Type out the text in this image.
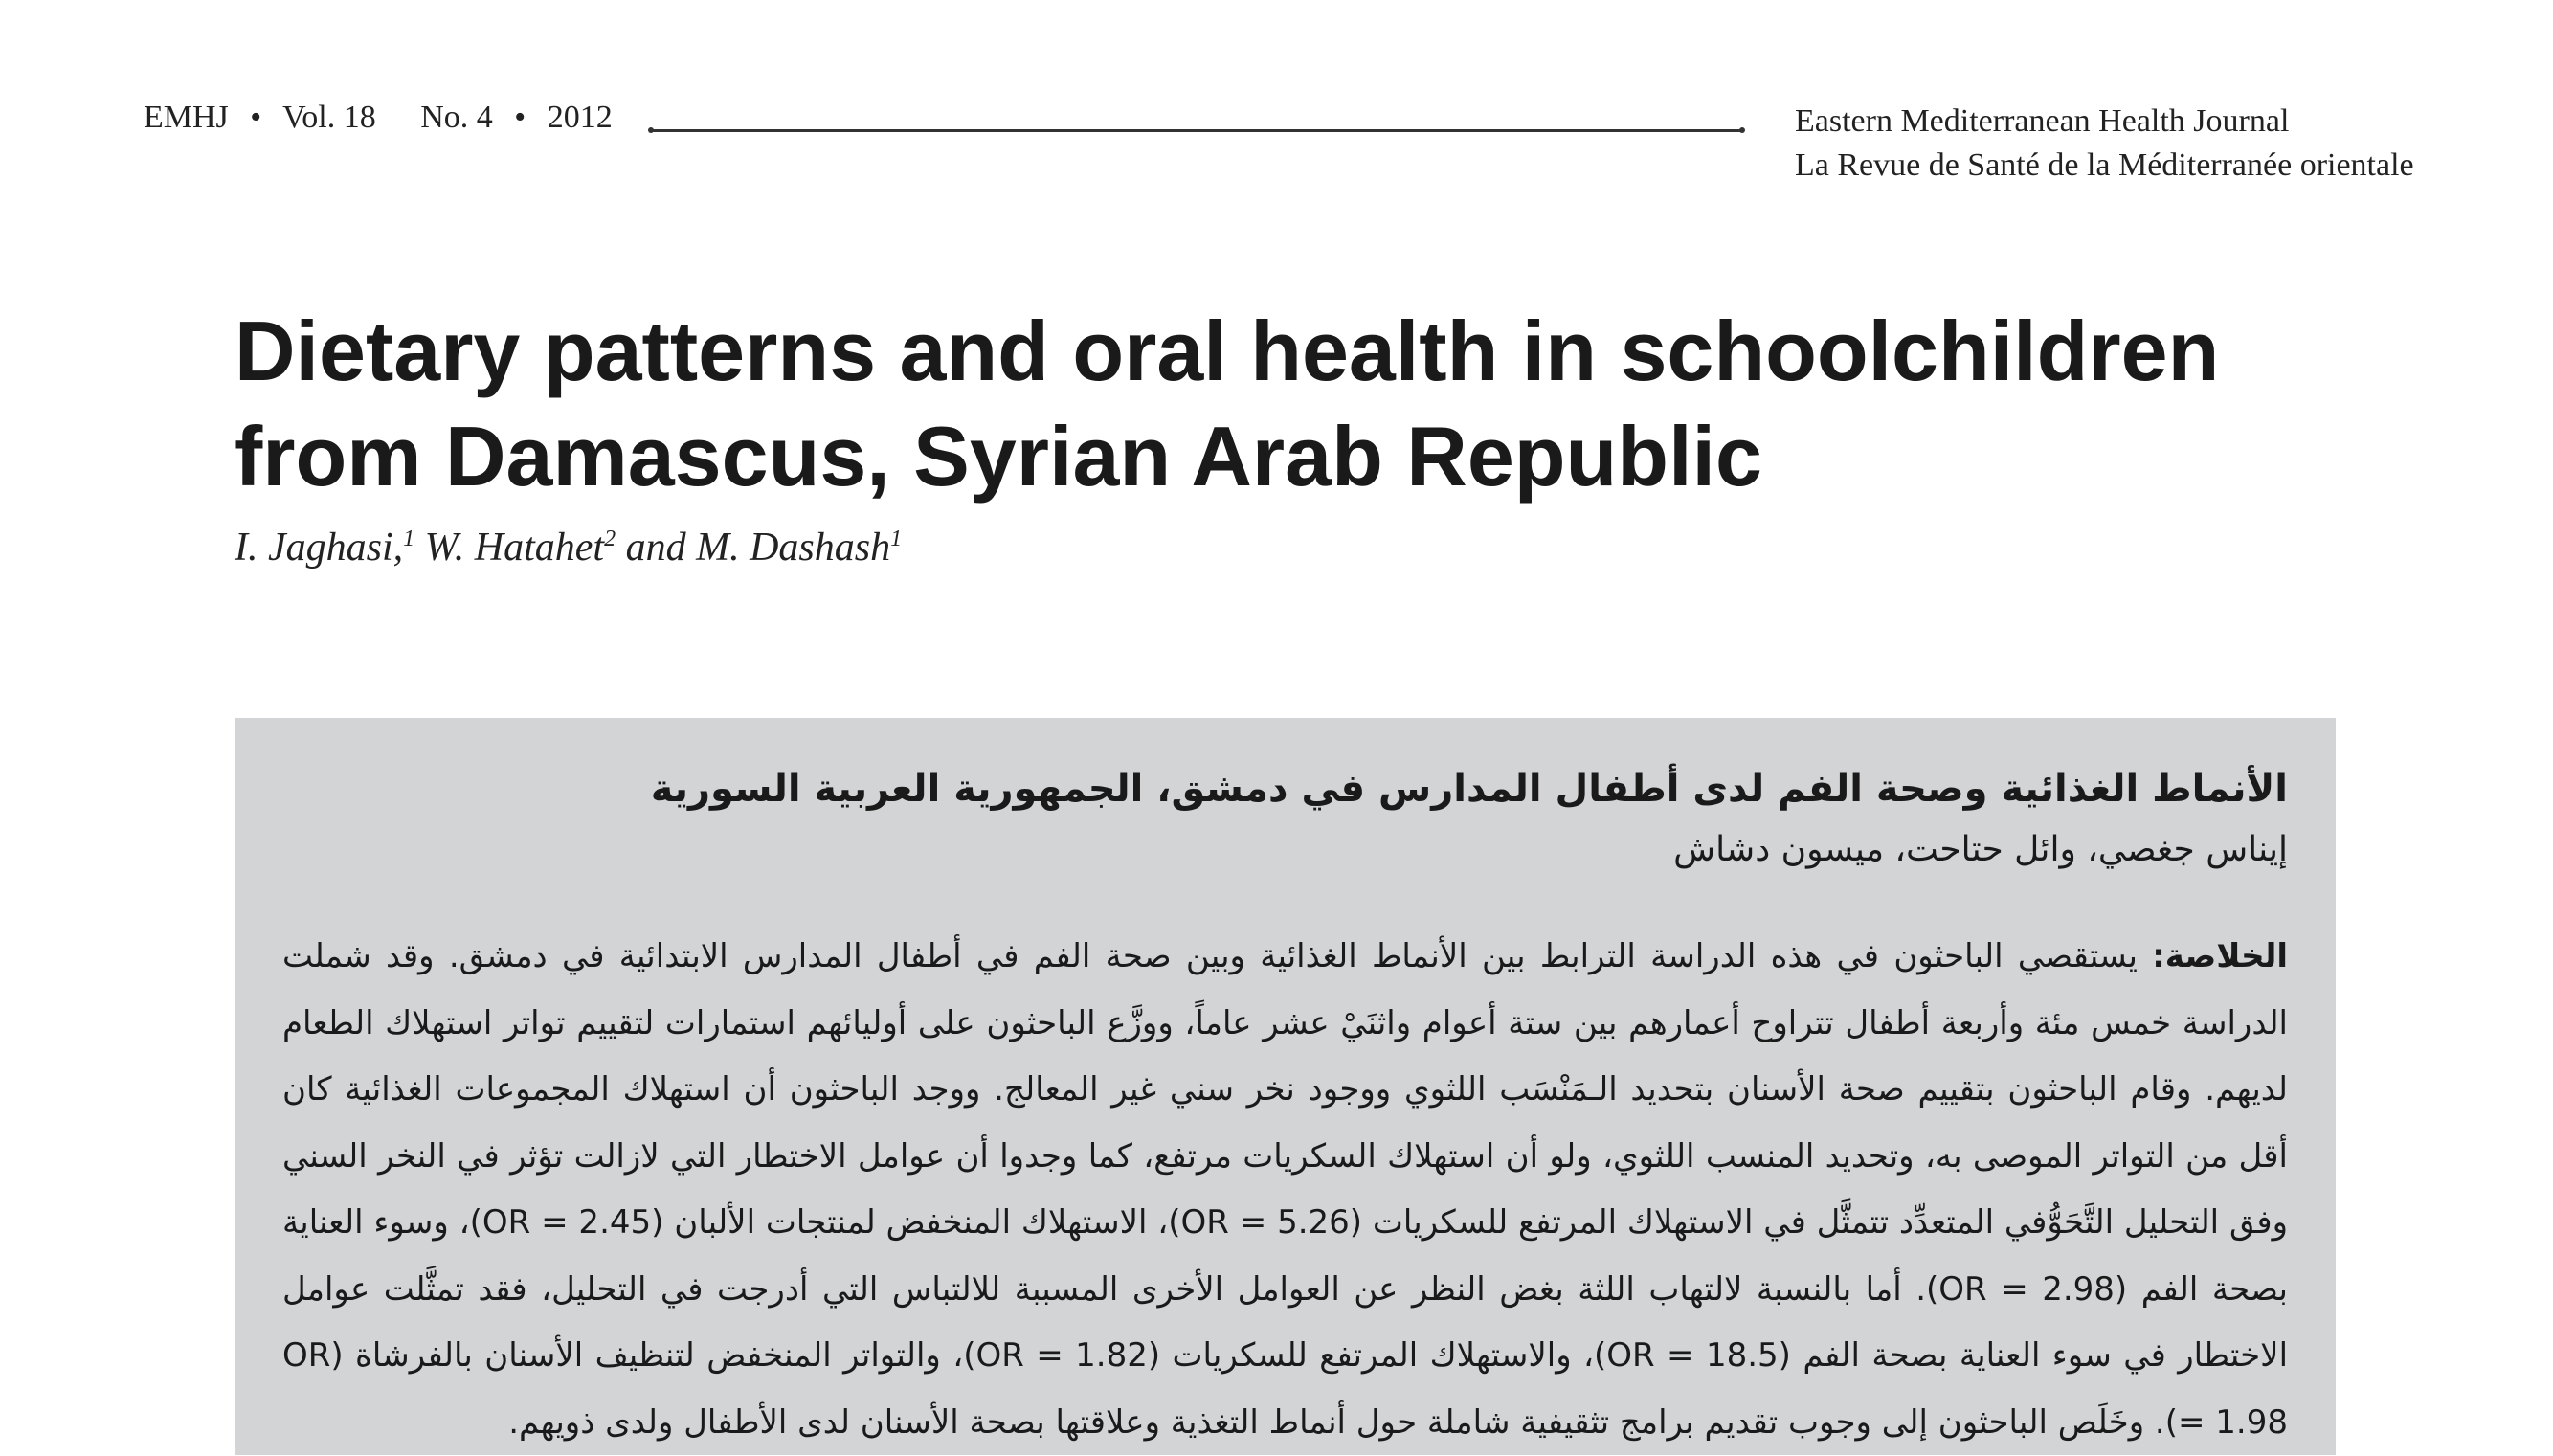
EMHJ • Vol. 18 No. 4 • 2012	Eastern Mediterranean Health Journal
La Revue de Santé de la Méditerranée orientale
Dietary patterns and oral health in schoolchildren from Damascus, Syrian Arab Republic
I. Jaghasi,$^1$ W. Hatahet$^2$ and M. Dashash$^1$
الأنماط الغذائية وصحة الفم لدى أطفال المدارس في دمشق، الجمهورية العربية السورية
إيناس جغصي، وائل حتاحت، ميسون دشاش

الخلاصة: يستقصي الباحثون في هذه الدراسة الترابط بين الأنماط الغذائية وبين صحة الفم في أطفال المدارس الابتدائية في دمشق. وقد شملت الدراسة خمس مئة وأربعة أطفال تتراوح أعمارهم بين ستة أعوام واثنَيْ عشر عاماً، ووزَّع الباحثون على أوليائهم استمارات لتقييم تواتر استهلاك الطعام لديهم. وقام الباحثون بتقييم صحة الأسنان بتحديد الـمَنْسَب اللثوي ووجود نخر سني غير المعالج. ووجد الباحثون أن استهلاك المجموعات الغذائية كان أقل من التواتر الموصى به، وتحديد المنسب اللثوي، ولو أن استهلاك السكريات مرتفع، كما وجدوا أن عوامل الاختطار التي لازالت تؤثر في النخر السني وفق التحليل التَّحَوُّفي المتعدِّد تتمثَّل في الاستهلاك المرتفع للسكريات (OR = 5.26)، الاستهلاك المنخفض لمنتجات الألبان (OR = 2.45)، وسوء العناية بصحة الفم (OR = 2.98). أما بالنسبة لالتهاب اللثة بغض النظر عن العوامل الأخرى المسببة للالتباس التي أدرجت في التحليل، فقد تمثَّلت عوامل الاختطار في سوء العناية بصحة الفم (OR = 18.5)، والاستهلاك المرتفع للسكريات (OR = 1.82)، والتواتر المنخفض لتنظيف الأسنان بالفرشاة (OR = 1.98). وخَلَص الباحثون إلى وجوب تقديم برامج تثقيفية شاملة حول أنماط التغذية وعلاقتها بصحة الأسنان لدى الأطفال ولدى ذويهم.
